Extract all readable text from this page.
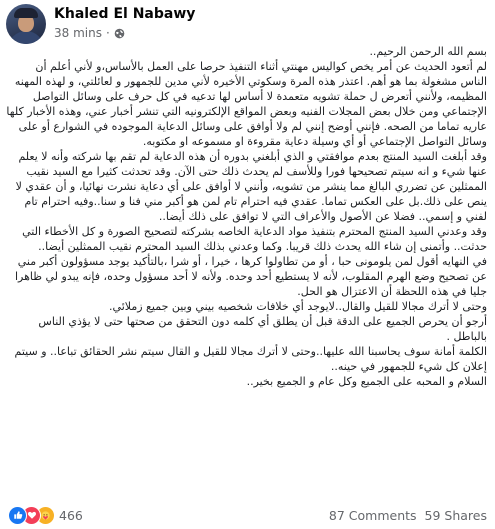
Khaled El Nabawy
38 mins ·

بسم الله الرحمن الرحيم..

لم أتعود الحديث عن أمر يخص كواليس مهنتي أثناء التنفيذ حرصا على العمل بالأساس،و لأني أعلم أن الناس مشغولة بما هو أهم. اعتذر هذه المرة وسكوتي الأخيره لأني مدين للجمهور و لعائلتي، و لهذه المهنه المظيمه، ولأنني أتعرض ل حملة تشويه متعمدة لا أساس لها تدعيه في كل حرف على وسائل التواصل الإجتماعي ومن خلال بعض المجلات الفنيه وبعض المواقع الإلكترونيه التي تنشر أخبار عني، وهذه الأخبار كلها عاريه تماما من الصحه. فإنني أوضح إنني لم ولا أوافق على وسائل الدعاية الموجوده في الشوارع أو على وسائل التواصل الإجتماعي أو أي وسيلة دعاية مقروءة او مسموعه او مكتوبه.

وقد أبلغت السيد المنتج بعدم موافقتي و الذي أبلغني بدوره أن هذه الدعاية لم تقم بها شركته وأنه لا يعلم عنها شيء و انه سيتم تصحيحها فورا وللأسف لم يحدث ذلك حتى الآن. وقد تحدثت كثيرا مع السيد نقيب الممثلين عن تضرري البالغ مما ينشر من تشويه، وأنني لا أوافق على أي دعاية نشرت نهائيا، و أن عقدي لا ينص على ذلك.بل على العكس تماما. عقدي فيه احترام تام لمن هو أكبر مني فنا و سنا..وفيه احترام تام لفني و إسمي.. فضلا عن الأصول والأعراف التي لا توافق على ذلك أيضا..

وقد وعدني السيد المنتج المحترم بتنفيذ مواد الدعاية الخاصه بشركته لتصحيح الصورة و كل الأخطاء التي حدثت.. وأتمنى إن شاء الله يحدث ذلك قريبا. وكما وعدني بذلك السيد المحترم نقيب الممثلين أيضا..

في النهايه أقول لمن يلومونى حبا ، أو من تطاولوا كرها ، خيرا ، أو شرا ،بالتأكيد يوجد مسؤولون أكبر مني عن تصحيح وضع الهرم المقلوب، لأنه لا يستطيع أحد وحده. ولأنه لا أحد مسؤول وحده، فإنه يبدو لي ظاهرا جليا في هذه اللحظة أن الاعتزال هو الحل.

وحتى لا أترك مجالا للقيل والقال..لايوجد أي خلافات شخصيه بيني وبين جميع زملائي.

أرجو أن يحرص الجميع على الدقة قبل أن يطلق أي كلمه دون التحقق من صحتها حتى لا يؤذي الناس بالباطل .

الكلمة أمانة سوف يحاسبنا الله عليها..وحتى لا أترك مجالا للقيل و القال سيتم نشر الحقائق تباعا.. و سيتم إعلان كل شيء للجمهور في حينه..

السلام و المحبه على الجميع وكل عام و الجميع بخير..

466	87 Comments 59 Shares
